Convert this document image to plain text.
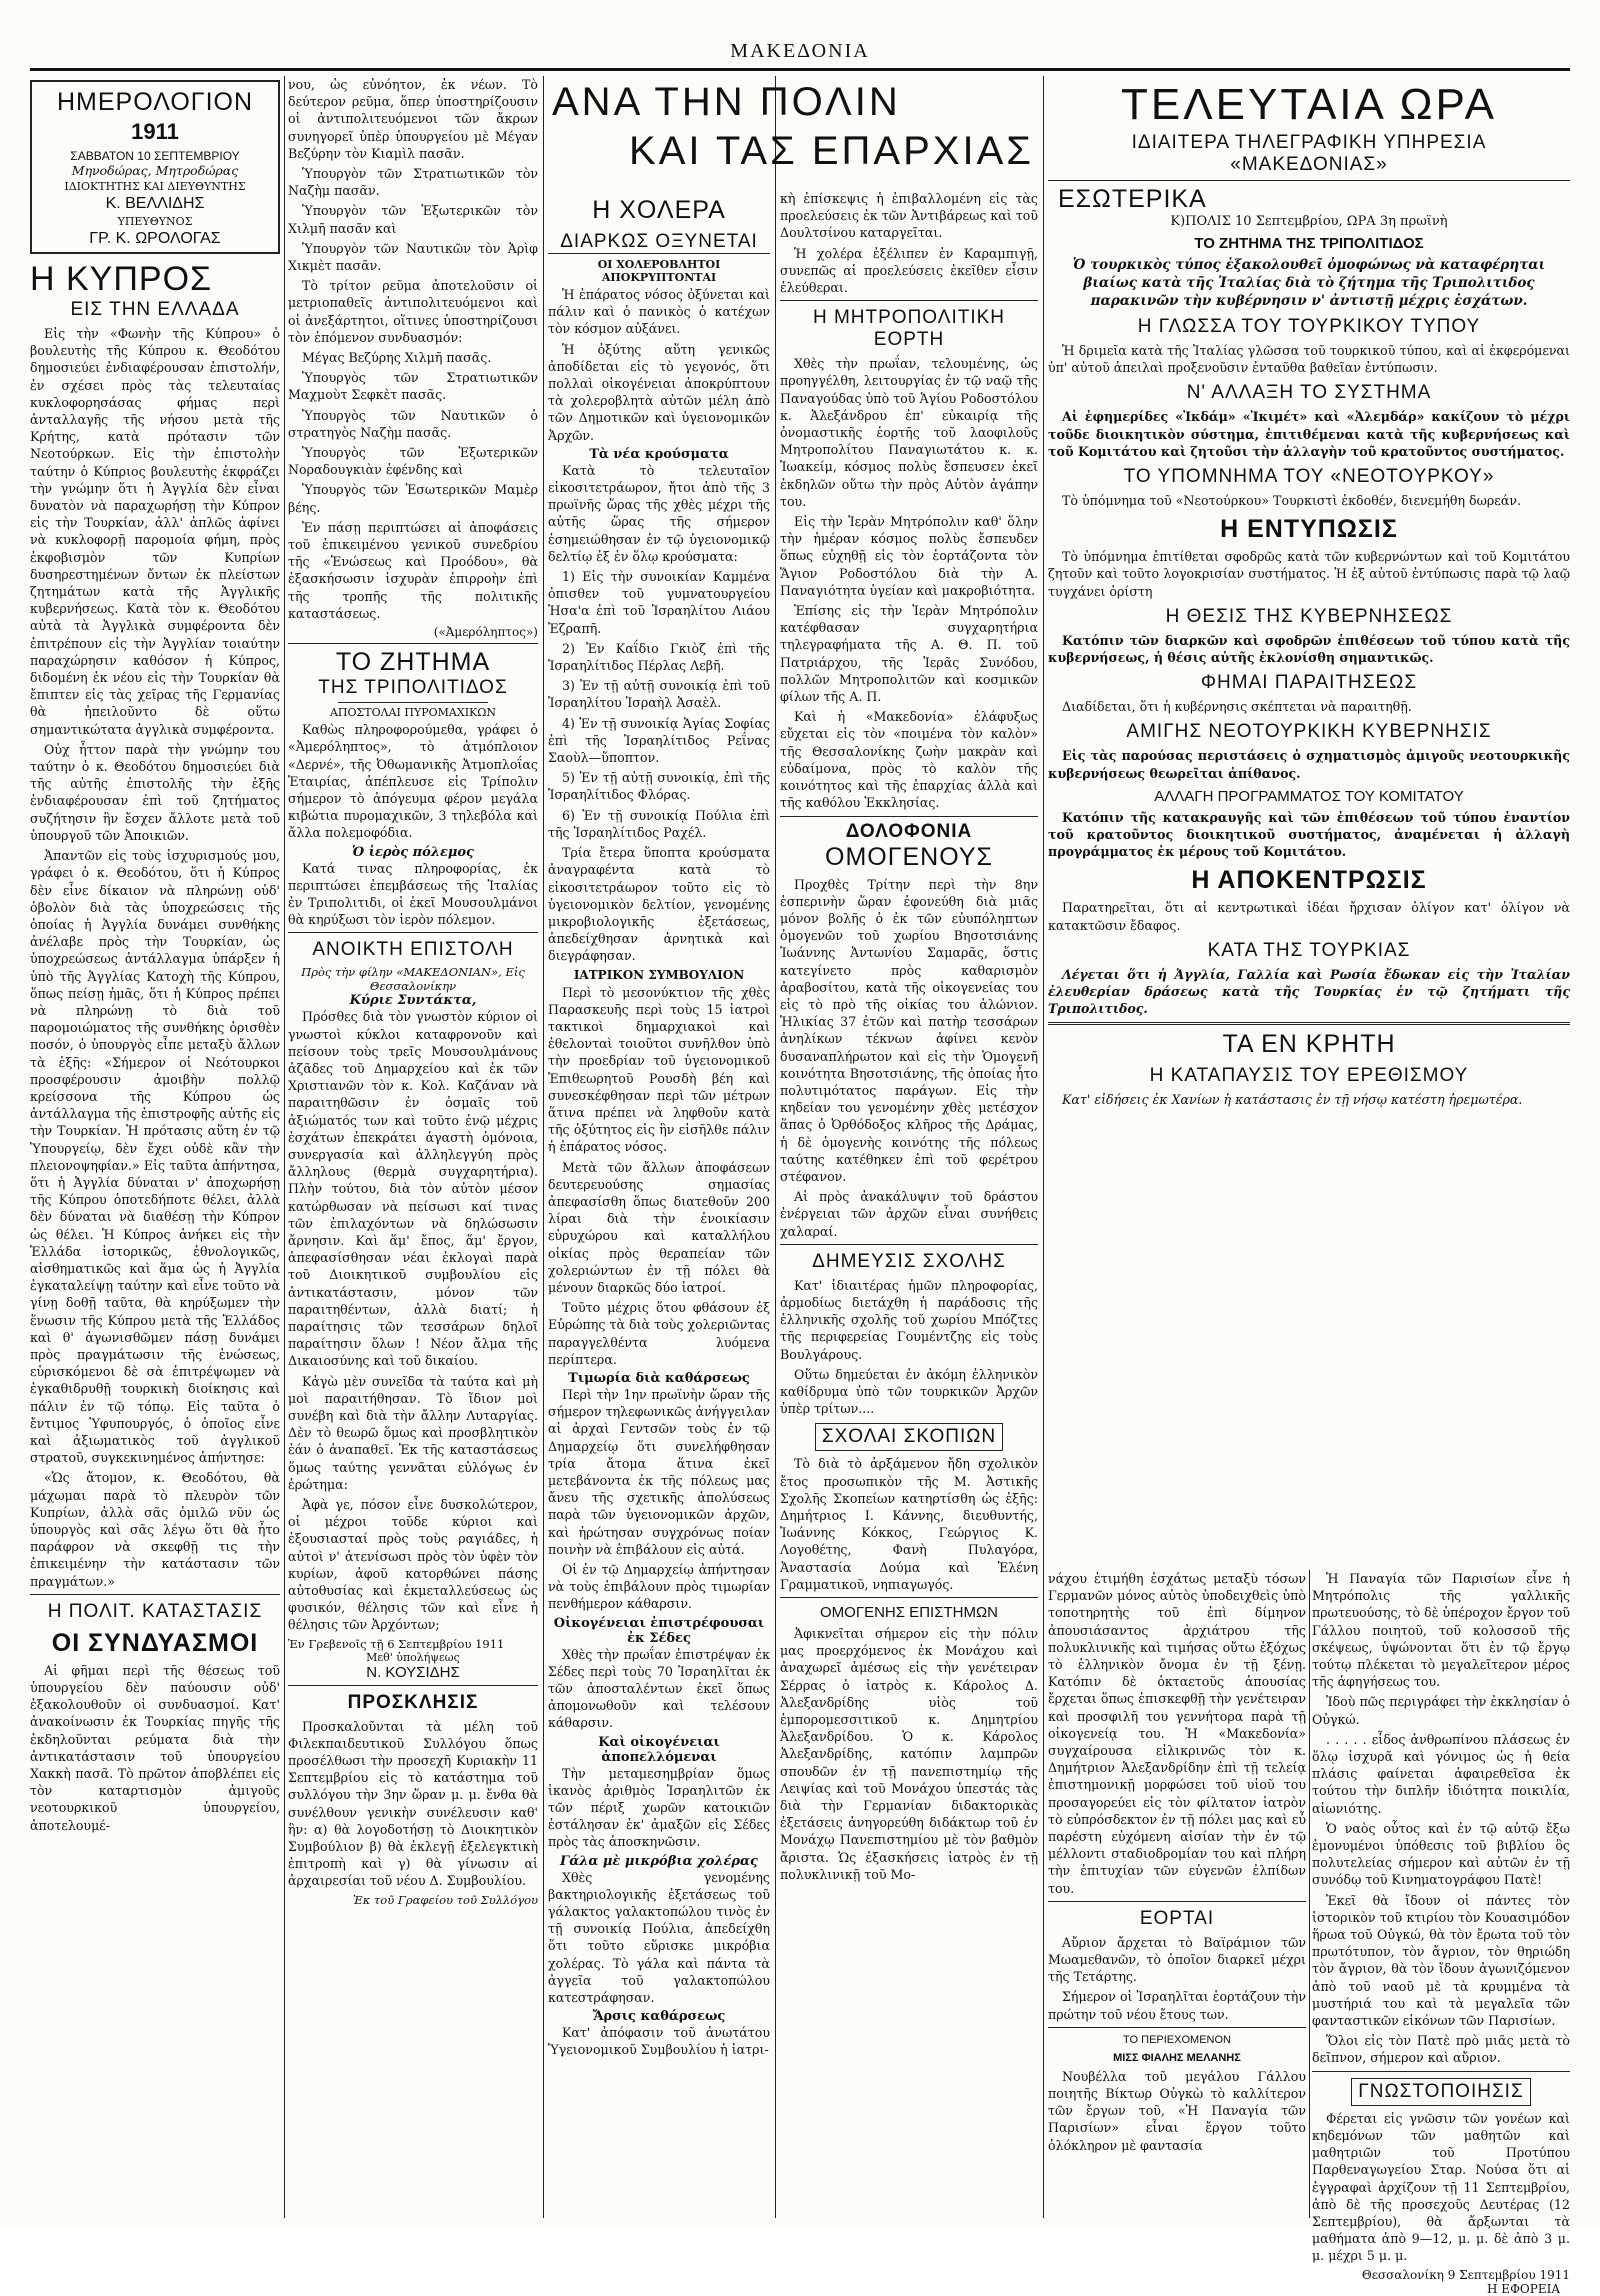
ΜΑΚΕΔΟΝΙΑ
ΗΜΕΡΟΛΟΓΙΟΝ
1911
ΣΑΒΒΑΤΟΝ 10 ΣΕΠΤΕΜΒΡΙΟΥ
Μηνοδώρας, Μητροδώρας
ΙΔΙΟΚΤΗΤΗΣ ΚΑΙ ΔΙΕΥΘΥΝΤΗΣ
Κ. ΒΕΛΛΙΔΗΣ
ΥΠΕΥΘΥΝΟΣ
ΓΡ. Κ. ΩΡΟΛΟΓΑΣ
Η ΚΥΠΡΟΣ
ΕΙΣ ΤΗΝ ΕΛΛΑΔΑ

Εἰς τὴν «Φωνὴν τῆς Κύπρου» ὁ βουλευτὴς τῆς Κύπρου κ. Θεοδότου δημοσιεύει ἐνδιαφέρουσαν ἐπιστολήν, ἐν σχέσει πρὸς τὰς τελευταίας κυκλοφορησάσας φήμας περὶ ἀνταλλαγῆς τῆς νήσου μετὰ τῆς Κρήτης, κατὰ πρότασιν τῶν Νεοτούρκων. Εἰς τὴν ἐπιστολὴν ταύτην ὁ Κύπριος βουλευτὴς ἐκφράζει τὴν γνώμην ὅτι ἡ Ἀγγλία δὲν εἶναι δυνατὸν νὰ παραχωρήσῃ τὴν Κύπρον εἰς τὴν Τουρκίαν, ἀλλ' ἁπλῶς ἀφίνει νὰ κυκλοφορῇ παρομοία φήμη, πρὸς ἐκφοβισμὸν τῶν Κυπρίων δυσηρεστημένων ὄντων ἐκ πλείστων ζητημάτων κατὰ τῆς Ἀγγλικῆς κυβερνήσεως. Κατὰ τὸν κ. Θεοδότου αὐτὰ τὰ Ἀγγλικὰ συμφέροντα δὲν ἐπιτρέπουν εἰς τὴν Ἀγγλίαν τοιαύτην παραχώρησιν καθόσον ἡ Κύπρος, διδομένη ἐκ νέου εἰς τὴν Τουρκίαν θὰ ἔπιπτεν εἰς τὰς χεῖρας τῆς Γερμανίας θὰ ἠπειλοῦντο δὲ οὕτω σημαντικώτατα ἀγγλικὰ συμφέροντα.

Οὐχ ἧττον παρὰ τὴν γνώμην του ταύτην ὁ κ. Θεοδότου δημοσιεύει διὰ τῆς αὐτῆς ἐπιστολῆς τὴν ἐξῆς ἐνδιαφέρουσαν ἐπὶ τοῦ ζητήματος συζήτησιν ἣν ἔσχεν ἄλλοτε μετὰ τοῦ ὑπουργοῦ τῶν Ἀποικιῶν.

Ἀπαντῶν εἰς τοὺς ἰσχυρισμούς μου, γράφει ὁ κ. Θεοδότου, ὅτι ἡ Κύπρος δὲν εἶνε δίκαιον νὰ πληρώνῃ οὐδ' ὀβολὸν διὰ τὰς ὑποχρεώσεις τῆς ὁποίας ἡ Ἀγγλία δυνάμει συνθήκης ἀνέλαβε πρὸς τὴν Τουρκίαν, ὡς ὑποχρεώσεως ἀντάλλαγμα ὑπάρξεν ἡ ὑπὸ τῆς Ἀγγλίας Κατοχὴ τῆς Κύπρου, ὅπως πείσῃ ἡμᾶς, ὅτι ἡ Κύπρος πρέπει νὰ πληρώνῃ τὸ διὰ τοῦ παρομοιώματος τῆς συνθήκης ὁρισθὲν ποσόν, ὁ ὑπουργὸς εἶπε μεταξὺ ἄλλων τὰ ἑξῆς: «Σήμερον οἱ Νεότουρκοι προσφέρουσιν ἀμοιβὴν πολλῷ κρείσσονα τῆς Κύπρου ὡς ἀντάλλαγμα τῆς ἐπιστροφῆς αὐτῆς εἰς τὴν Τουρκίαν. Ἡ πρότασις αὕτη ἐν τῷ Ὑπουργείῳ, δὲν ἔχει οὐδὲ κἂν τὴν πλειονοψηφίαν.» Εἰς ταῦτα ἀπήντησα, ὅτι ἡ Ἀγγλία δύναται ν' ἀποχωρήσῃ τῆς Κύπρου ὁποτεδήποτε θέλει, ἀλλὰ δὲν δύναται νὰ διαθέσῃ τὴν Κύπρον ὡς θέλει. Ἡ Κύπρος ἀνήκει εἰς τὴν Ἑλλάδα ἱστορικῶς, ἐθνολογικῶς, αἰσθηματικῶς καὶ ἅμα ὡς ἡ Ἀγγλία ἐγκαταλείψῃ ταύτην καὶ εἶνε τοῦτο νὰ γίνῃ δοθῇ ταῦτα, θὰ κηρύξωμεν τὴν ἕνωσιν τῆς Κύπρου μετὰ τῆς Ἑλλάδος καὶ θ' ἀγωνισθῶμεν πάσῃ δυνάμει πρὸς πραγμάτωσιν τῆς ἑνώσεως, εὑρισκόμενοι δὲ σὰ ἐπιτρέψωμεν νὰ ἐγκαθιδρυθῇ τουρκικὴ διοίκησις καὶ πάλιν ἐν τῷ τόπῳ. Εἰς ταῦτα ὁ ἔντιμος Ὑφυπουργός, ὁ ὁποῖος εἶνε καὶ ἀξιωματικὸς τοῦ ἀγγλικοῦ στρατοῦ, συγκεκινημένος ἀπήντησε:

«Ὡς ἄτομον, κ. Θεοδότου, θὰ μάχωμαι παρὰ τὸ πλευρὸν τῶν Κυπρίων, ἀλλὰ σᾶς ὁμιλῶ νῦν ὡς ὑπουργὸς καὶ σᾶς λέγω ὅτι θὰ ἦτο παράφρον νὰ σκεφθῇ τις τὴν ἐπικειμένην τὴν κατάστασιν τῶν πραγμάτων.»

Η ΠΟΛΙΤ. ΚΑΤΑΣΤΑΣΙΣ
ΟΙ ΣΥΝΔΥΑΣΜΟΙ

Αἱ φῆμαι περὶ τῆς θέσεως τοῦ ὑπουργείου δὲν παύουσιν οὐδ' ἐξακολουθοῦν οἱ συνδυασμοί. Κατ' ἀνακοίνωσιν ἐκ Τουρκίας πηγῆς τῆς ἐκδηλοῦνται ρεύματα διὰ τὴν ἀντικατάστασιν τοῦ ὑπουργείου Χακκὴ πασᾶ. Τὸ πρῶτον ἀποβλέπει εἰς τὸν καταρτισμὸν ἀμιγοῦς νεοτουρκικοῦ ὑπουργείου, ἀποτελουμέ-

νου, ὡς εὐνόητον, ἐκ νέων. Τὸ δεύτερον ρεῦμα, ὅπερ ὑποστηρίζουσιν οἱ ἀντιπολιτευόμενοι τῶν ἄκρων συνηγορεῖ ὑπὲρ ὑπουργείου μὲ Μέγαν Βεζύρην τὸν Κιαμὶλ πασᾶν.

Ὑπουργὸν τῶν Στρατιωτικῶν τὸν Ναζὴμ πασᾶν.

Ὑπουργὸν τῶν Ἐξωτερικῶν τὸν Χιλμῆ πασᾶν καὶ

Ὑπουργὸν τῶν Ναυτικῶν τὸν Ἀρὶφ Χικμὲτ πασᾶν.

Τὸ τρίτον ρεῦμα ἀποτελοῦσιν οἱ μετριοπαθεῖς ἀντιπολιτευόμενοι καὶ οἱ ἀνεξάρτητοι, οἵτινες ὑποστηρίζουσι τὸν ἑπόμενον συνδυασμόν:

Μέγας Βεζύρης Χιλμῆ πασᾶς.

Ὑπουργὸς τῶν Στρατιωτικῶν Μαχμοὺτ Σεφκὲτ πασᾶς.

Ὑπουργὸς τῶν Ναυτικῶν ὁ στρατηγὸς Ναζὴμ πασᾶς.

Ὑπουργὸς τῶν Ἐξωτερικῶν Νοραδουγκιὰν ἐφένδης καὶ

Ὑπουργὸς τῶν Ἐσωτερικῶν Μαμὲρ βέης.

Ἐν πάσῃ περιπτώσει αἱ ἀποφάσεις τοῦ ἐπικειμένου γενικοῦ συνεδρίου τῆς «Ἑνώσεως καὶ Προόδου», θὰ ἐξασκήσωσιν ἰσχυρὰν ἐπιρροὴν ἐπὶ τῆς τροπῆς τῆς πολιτικῆς καταστάσεως.

(«Ἀμερόληπτος»)
ΤΟ ΖΗΤΗΜΑ
ΤΗΣ ΤΡΙΠΟΛΙΤΙΔΟΣ
ΑΠΟΣΤΟΛΑΙ ΠΥΡΟΜΑΧΙΚΩΝ

Καθὼς πληροφορούμεθα, γράφει ὁ «Ἀμερόληπτος», τὸ ἀτμόπλοιον «Δερνέ», τῆς Ὀθωμανικῆς Ἀτμοπλοΐας Ἑταιρίας, ἀπέπλευσε εἰς Τρίπολιν σήμερον τὸ ἀπόγευμα φέρον μεγάλα κιβώτια πυρομαχικῶν, 3 τηλεβόλα καὶ ἄλλα πολεμοφόδια.

Ὁ ἱερὸς πόλεμος

Κατά τινας πληροφορίας, ἐκ περιπτώσει ἐπεμβάσεως τῆς Ἰταλίας ἐν Τριπολιτιδι, οἱ ἐκεῖ Μουσουλμάνοι θὰ κηρύξωσι τὸν ἱερὸν πόλεμον.

ΑΝΟΙΚΤΗ ΕΠΙΣΤΟΛΗ
Πρὸς τὴν φίλην «ΜΑΚΕΔΟΝΙΑΝ», Εἰς Θεσσαλονίκην
Κύριε Συντάκτα,

Πρόσθες διὰ τὸν γνωστὸν κύριον οἱ γνωστοὶ κύκλοι καταφρονοῦν καὶ πείσουν τοὺς τρεῖς Μουσουλμάνους ἀζᾶδες τοῦ Δημαρχείου καὶ ἐκ τῶν Χριστιανῶν τὸν κ. Κολ. Καζάναν νὰ παραιτηθῶσιν ἐν ὀσμαῖς τοῦ ἀξιώματός των καὶ τοῦτο ἐνῷ μέχρις ἐσχάτων ἐπεκράτει ἀγαστὴ ὁμόνοια, συνεργασία καὶ ἀλληλεγγύη πρὸς ἄλληλους (θερμὰ συγχαρητήρια). Πλὴν τούτου, διὰ τὸν αὐτὸν μέσον κατώρθωσαν νὰ πείσωσι καί τινας τῶν ἐπιλαχόντων νὰ δηλώσωσιν ἄρνησιν. Καὶ ἅμ' ἔπος, ἅμ' ἔργον, ἀπεφασίσθησαν νέαι ἐκλογαὶ παρὰ τοῦ Διοικητικοῦ συμβουλίου εἰς ἀντικατάστασιν, μόνον τῶν παραιτηθέντων, ἀλλὰ διατί; ἡ παραίτησις τῶν τεσσάρων δηλοῖ παραίτησιν ὅλων ! Νέον ἄλμα τῆς Δικαιοσύνης καὶ τοῦ δικαίου.

Κἀγὼ μὲν συνεῖδα τὰ ταύτα καὶ μὴ μοὶ παραιτήθησαν. Τὸ ἴδιον μοὶ συνέβη καὶ διὰ τὴν ἄλλην Λυταργίας. Δὲν τὸ θεωρῶ ὅμως καὶ προσβλητικὸν ἐάν ὁ ἀναπαθεῖ. Ἐκ τῆς καταστάσεως ὅμως ταύτης γεννᾶται εὐλόγως ἐν ἐρώτημα:

Ἀφὰ γε, πόσον εἶνε δυσκολώτερον, οἱ μέχροι τοῦδε κύριοι καὶ ἐξουσιασταί πρὸς τοὺς ραγιάδες, ἡ αὐτοὶ ν' ἀτενίσωσι πρὸς τὸν ὑφὲν τὸν κυρίων, ἀφοῦ κατορθώνει πάσης αὐτοθυσίας καὶ ἐκμεταλλεύσεως ὡς φυσικόν, θέλησις τῶν καὶ εἶνε ἡ θέλησις τῶν Ἀρχόντων;

Ἐν Γρεβενοῖς τῇ 6 Σεπτεμβρίου 1911
Μεθ' ὑπολήψεως
Ν. ΚΟΥΣΙΔΗΣ
ΠΡΟΣΚΛΗΣΙΣ

Προσκαλοῦνται τὰ μέλη τοῦ Φιλεκπαιδευτικοῦ Συλλόγου ὅπως προσέλθωσι τὴν προσεχῆ Κυριακὴν 11 Σεπτεμβρίου εἰς τὸ κατάστημα τοῦ συλλόγου τὴν 3ην ὥραν μ. μ. ἔνθα θὰ συνέλθουν γενικὴν συνέλευσιν καθ' ἣν: α) θὰ λογοδοτήσῃ τὸ Διοικητικὸν Συμβούλιον β) θὰ ἐκλεγῇ ἐξελεγκτικὴ ἐπιτροπὴ καὶ γ) θὰ γίνωσιν αἱ ἀρχαιρεσίαι τοῦ νέου Δ. Συμβουλίου.

Ἐκ τοῦ Γραφείου τοῦ Συλλόγου
ΑΝΑ ΤΗΝ ΠΟΛΙΝ
ΚΑΙ ΤΑΣ ΕΠΑΡΧΙΑΣ
Η ΧΟΛΕΡΑ
ΔΙΑΡΚΩΣ ΟΞΥΝΕΤΑΙ
ΟΙ ΧΟΛΕΡΟΒΛΗΤΟΙ ΑΠΟΚΡΥΠΤΟΝΤΑΙ

Ἡ ἐπάρατος νόσος ὀξύνεται καὶ πάλιν καὶ ὁ πανικὸς ὁ κατέχων τὸν κόσμον αὐξάνει.

Ἡ ὀξύτης αὕτη γενικῶς ἀποδίδεται εἰς τὸ γεγονός, ὅτι πολλαὶ οἰκογένειαι ἀποκρύπτουν τὰ χολεροβλητὰ αὐτῶν μέλη ἀπὸ τῶν Δημοτικῶν καὶ ὑγειονομικῶν Ἀρχῶν.

Τὰ νέα κρούσματα

Κατὰ τὸ τελευταῖον εἰκοσιτετράωρον, ἤτοι ἀπὸ τῆς 3 πρωϊνῆς ὥρας τῆς χθὲς μέχρι τῆς αὐτῆς ὥρας τῆς σήμερον ἐσημειώθησαν ἐν τῷ ὑγειονομικῷ δελτίῳ ἐξ ἐν ὅλῳ κρούσματα:

1) Εἰς τὴν συνοικίαν Καμμένα ὀπισθεν τοῦ γυμνατουργείου Ἠσα'α ἐπὶ τοῦ Ἰσραηλίτου Λιάου Ἐζραπῆ.

2) Ἐν Καΐδιο Γκιὸζ ἐπὶ τῆς Ἰσραηλίτιδος Πέρλας Λεβῆ.

3) Ἐν τῇ αὐτῇ συνοικίᾳ ἐπὶ τοῦ Ἰσραηλίτου Ἰσραὴλ Ἀσαὲλ.

4) Ἐν τῇ συνοικίᾳ Ἁγίας Σοφίας ἐπὶ τῆς Ἰσραηλίτιδος Ρεΐνας Σαοὺλ—ὕποπτον.

5) Ἐν τῇ αὐτῇ συνοικίᾳ, ἐπὶ τῆς Ἰσραηλίτιδος Φλόρας.

6) Ἐν τῇ συνοικίᾳ Πούλια ἐπὶ τῆς Ἰσραηλίτιδος Ραχέλ.

Τρία ἔτερα ὕποπτα κρούσματα ἀναγραφέντα κατὰ τὸ εἰκοσιτετράωρον τοῦτο εἰς τὸ ὑγειονομικὸν δελτίον, γενομένης μικροβιολογικῆς ἐξετάσεως, ἀπεδείχθησαν ἀρνητικὰ καὶ διεγράφησαν.

ΙΑΤΡΙΚΟΝ ΣΥΜΒΟΥΛΙΟΝ

Περὶ τὸ μεσονύκτιον τῆς χθὲς Παρασκευῆς περὶ τοὺς 15 ἰατροὶ τακτικοὶ δημαρχιακοὶ καὶ ἐθελονταὶ τοιοῦτοι συνῆλθον ὑπὸ τὴν προεδρίαν τοῦ ὑγειονομικοῦ Ἐπιθεωρητοῦ Ρουσδὴ βέη καὶ συνεσκέφθησαν περὶ τῶν μέτρων ἅτινα πρέπει νὰ ληφθοῦν κατὰ τῆς ὀξύτητος εἰς ἣν εἰσῆλθε πάλιν ἡ ἐπάρατος νόσος.

Μετὰ τῶν ἄλλων ἀποφάσεων δευτερευούσης σημασίας ἀπεφασίσθη ὅπως διατεθοῦν 200 λίραι διὰ τὴν ἐνοικίασιν εὐρυχώρου καὶ καταλλήλου οἰκίας πρὸς θεραπείαν τῶν χολεριώντων ἐν τῇ πόλει θὰ μένουν διαρκῶς δύο ἰατροί.

Τοῦτο μέχρις ὅτου φθάσουν ἐξ Εὐρώπης τὰ διὰ τοὺς χολεριῶντας παραγγελθέντα λυόμενα περίπτερα.

Τιμωρία διὰ καθάρσεως

Περὶ τὴν 1ην πρωϊνὴν ὥραν τῆς σήμερον τηλεφωνικῶς ἀνήγγειλαν αἱ ἀρχαὶ Γεντσῶν τοὺς ἐν τῷ Δημαρχείῳ ὅτι συνελήφθησαν τρία ἄτομα ἅτινα ἐκεῖ μετεβάνοντα ἐκ τῆς πόλεως μας ἄνευ τῆς σχετικῆς ἀπολύσεως παρὰ τῶν ὑγειονομικῶν ἀρχῶν, καὶ ἠρώτησαν συγχρόνως ποίαν ποινὴν νὰ ἐπιβάλουν εἰς αὐτά.

Οἱ ἐν τῷ Δημαρχείῳ ἀπήντησαν νὰ τοὺς ἐπιβάλουν πρὸς τιμωρίαν πενθήμερον κάθαρσιν.

Οἰκογένειαι ἐπιστρέφουσαι ἐκ Σέδες

Χθὲς τὴν πρωΐαν ἐπιστρέψαν ἐκ Σέδες περὶ τοὺς 70 Ἰσραηλῖται ἐκ τῶν ἀποσταλέντων ἐκεῖ ὅπως ἀπομονωθοῦν καὶ τελέσουν κάθαρσιν.

Καὶ οἰκογένειαι ἀποπελλόμεναι

Τὴν μεταμεσημβρίαν ὅμως ἱκανὸς ἀριθμὸς Ἰσραηλιτῶν ἐκ τῶν πέριξ χωρῶν κατοικιῶν ἐστάλησαν ἐκ' ἀμαξῶν εἰς Σέδες πρὸς τὰς ἀποσκηνῶσιν.

Γάλα μὲ μικρόβια χολέρας

Χθὲς γενομένης βακτηριολογικῆς ἐξετάσεως τοῦ γάλακτος γαλακτοπώλου τινὸς ἐν τῇ συνοικίᾳ Πούλια, ἀπεδείχθη ὅτι τοῦτο εὕρισκε μικρόβια χολέρας. Τὸ γάλα καὶ πάντα τὰ ἀγγεῖα τοῦ γαλακτοπώλου κατεστράφησαν.

Ἄρσις καθάρσεως

Κατ' ἀπόφασιν τοῦ ἀνωτάτου Ὑγειονομικοῦ Συμβουλίου ἡ ἰατρι-

κὴ ἐπίσκεψις ἡ ἐπιβαλλομένη εἰς τὰς προελεύσεις ἐκ τῶν Ἀντιβάρεως καὶ τοῦ Δουλτσίνου καταργεῖται.

Ἡ χολέρα ἐξέλιπεν ἐν Καραμπιγῇ, συνεπῶς αἱ προελεύσεις ἐκεῖθεν εἶσιν ἐλεύθεραι.

Η ΜΗΤΡΟΠΟΛΙΤΙΚΗ ΕΟΡΤΗ

Χθὲς τὴν πρωΐαν, τελουμένης, ὡς προηγγέλθη, λειτουργίας ἐν τῷ ναῷ τῆς Παναγούδας ὑπὸ τοῦ Ἁγίου Ροδοστόλου κ. Ἀλεξάνδρου ἐπ' εὐκαιρίᾳ τῆς ὀνομαστικῆς ἑορτῆς τοῦ λαοφιλοῦς Μητροπολίτου Παναγιωτάτου κ. κ. Ἰωακείμ, κόσμος πολὺς ἔσπευσεν ἐκεῖ ἐκδηλῶν οὕτω τὴν πρὸς Αὐτὸν ἀγάπην του.

Εἰς τὴν Ἱερὰν Μητρόπολιν καθ' ὅλην τὴν ἡμέραν κόσμος πολὺς ἔσπευδεν ὅπως εὐχηθῇ εἰς τὸν ἑορτάζοντα τὸν Ἅγιον Ροδοστόλου διὰ τὴν Α. Παναγιότητα ὑγείαν καὶ μακροβιότητα.

Ἐπίσης εἰς τὴν Ἱερὰν Μητρόπολιν κατέφθασαν συγχαρητήρια τηλεγραφήματα τῆς Α. Θ. Π. τοῦ Πατριάρχου, τῆς Ἱερᾶς Συνόδου, πολλῶν Μητροπολιτῶν καὶ κοσμικῶν φίλων τῆς Α. Π.

Καὶ ἡ «Μακεδονία» ἐλάφυξως εὔχεται εἰς τὸν «ποιμένα τὸν καλὸν» τῆς Θεσσαλονίκης ζωὴν μακρὰν καὶ εὐδαίμονα, πρὸς τὸ καλὸν τῆς κοινότητος καὶ τῆς ἐπαρχίας ἀλλὰ καὶ τῆς καθόλου Ἐκκλησίας.

ΔΟΛΟΦΟΝΙΑ
ΟΜΟΓΕΝΟΥΣ

Προχθὲς Τρίτην περὶ τὴν 8ην ἑσπερινὴν ὥραν ἐφονεύθη διὰ μιᾶς μόνον βολῆς ὁ ἐκ τῶν εὐυπόληπτων ὁμογενῶν τοῦ χωρίου Βησοτσιάνης Ἰωάννης Ἀντωνίου Σαμαρᾶς, ὅστις κατεγίνετο πρὸς καθαρισμὸν ἀραβοσίτου, κατὰ τῆς οἰκογενείας του εἰς τὸ πρὸ τῆς οἰκίας του ἀλώνιον. Ἡλικίας 37 ἐτῶν καὶ πατὴρ τεσσάρων ἀνηλίκων τέκνων ἀφίνει κενὸν δυσαναπλήρωτον καὶ εἰς τὴν Ὁμογενῆ κοινότητα Βησοτσιάνης, τῆς ὁποίας ἦτο πολυτιμότατος παράγων. Εἰς τὴν κηδείαν του γενομένην χθὲς μετέσχον ἅπας ὁ Ὀρθόδοξος κλῆρος τῆς Δράμας, ἡ δὲ ὁμογενὴς κοινότης τῆς πόλεως ταύτης κατέθηκεν ἐπὶ τοῦ φερέτρου στέφανον.

Αἱ πρὸς ἀνακάλυψιν τοῦ δράστου ἐνέργειαι τῶν ἀρχῶν εἶναι συνήθεις χαλαραί.

ΔΗΜΕΥΣΙΣ ΣΧΟΛΗΣ

Κατ' ἰδιαιτέρας ἡμῶν πληροφορίας, ἀρμοδίως διετάχθη ἡ παράδοσις τῆς ἑλληνικῆς σχολῆς τοῦ χωρίου Μπόζτες τῆς περιφερείας Γουμέντζης εἰς τοὺς Βουλγάρους.

Οὕτω δημεύεται ἐν ἀκόμη ἑλληνικὸν καθίδρυμα ὑπὸ τῶν τουρκικῶν Ἀρχῶν ὑπὲρ τρίτων....

ΣΧΟΛΑΙ ΣΚΟΠΙΩΝ

Τὸ διὰ τὸ ἀρξάμενον ἤδη σχολικὸν ἔτος προσωπικὸν τῆς Μ. Ἀστικῆς Σχολῆς Σκοπείων κατηρτίσθη ὡς ἑξῆς: Δημήτριος Ι. Κάννης, διευθυντής, Ἰωάννης Κόκκος, Γεώργιος Κ. Λογοθέτης, Φανὴ Πυλαγόρα, Ἀναστασία Δούμα καὶ Ἑλένη Γραμματικοῦ, νηπιαγωγός.

ΟΜΟΓΕΝΗΣ ΕΠΙΣΤΗΜΩΝ

Ἀφικνεῖται σήμερον εἰς τὴν πόλιν μας προερχόμενος ἐκ Μονάχου καὶ ἀναχωρεῖ ἀμέσως εἰς τὴν γενέτειραν Σέρρας ὁ ἰατρὸς κ. Κάρολος Δ. Ἀλεξανδρίδης υἱὸς τοῦ ἐμπορομεσσιτικοῦ κ. Δημητρίου Ἀλεξανδρίδου. Ὁ κ. Κάρολος Ἀλεξανδρίδης, κατόπιν λαμπρῶν σπουδῶν ἐν τῇ πανεπιστημίῳ τῆς Λειψίας καὶ τοῦ Μονάχου ὑπεστάς τὰς διὰ τὴν Γερμανίαν διδακτορικὰς ἐξετάσεις ἀνηγορεύθη διδάκτωρ τοῦ ἐν Μονάχῳ Πανεπιστημίου μὲ τὸν βαθμὸν ἄριστα. Ὡς ἐξασκήσεις ἰατρὸς ἐν τῇ πολυκλινικῇ τοῦ Μο-

ΤΕΛΕΥΤΑΙΑ ΩΡΑ
ΙΔΙΑΙΤΕΡΑ ΤΗΛΕΓΡΑΦΙΚΗ ΥΠΗΡΕΣΙΑ
«ΜΑΚΕΔΟΝΙΑΣ»
ΕΣΩΤΕΡΙΚΑ
Κ)ΠΟΛΙΣ 10 Σεπτεμβρίου, ΩΡΑ 3η πρωϊνὴ
ΤΟ ΖΗΤΗΜΑ ΤΗΣ ΤΡΙΠΟΛΙΤΙΔΟΣ
Ὁ τουρκικὸς τύπος ἐξακολουθεῖ ὁμοφώνως νὰ καταφέρηται βιαίως κατὰ τῆς Ἰταλίας διὰ τὸ ζήτημα τῆς Τριπολιτιδος παρακινῶν τὴν κυβέρνησιν ν' ἀντιστῇ μέχρις ἐσχάτων.
Η ΓΛΩΣΣΑ ΤΟΥ ΤΟΥΡΚΙΚΟΥ ΤΥΠΟΥ

Ἡ δριμεῖα κατὰ τῆς Ἰταλίας γλῶσσα τοῦ τουρκικοῦ τύπου, καὶ αἱ ἐκφερόμεναι ὑπ' αὐτοῦ ἀπειλαὶ προξενοῦσιν ἐνταῦθα βαθεῖαν ἐντύπωσιν.

Ν' ΑΛΛΑΞΗ ΤΟ ΣΥΣΤΗΜΑ

Αἱ ἐφημερίδες «Ἰκδάμ» «Ἰκιμέτ» καὶ «Ἀλεμδάρ» κακίζουν τὸ μέχρι τοῦδε διοικητικὸν σύστημα, ἐπιτιθέμεναι κατὰ τῆς κυβερνήσεως καὶ τοῦ Κομιτάτου καὶ ζητοῦσι τὴν ἀλλαγὴν τοῦ κρατοῦντος συστήματος.

ΤΟ ΥΠΟΜΝΗΜΑ ΤΟΥ «ΝΕΟΤΟΥΡΚΟΥ»

Τὸ ὑπόμνημα τοῦ «Νεοτούρκου» Τουρκιστὶ ἐκδοθέν, διενεμήθη δωρεάν.

Η ΕΝΤΥΠΩΣΙΣ

Τὸ ὑπόμνημα ἐπιτίθεται σφοδρῶς κατὰ τῶν κυβερνώντων καὶ τοῦ Κομιτάτου ζητοῦν καὶ τοῦτο λογοκρισίαν συστήματος. Ἡ ἐξ αὐτοῦ ἐντύπωσις παρὰ τῷ λαῷ τυγχάνει ὀρίστη

Η ΘΕΣΙΣ ΤΗΣ ΚΥΒΕΡΝΗΣΕΩΣ

Κατόπιν τῶν διαρκῶν καὶ σφοδρῶν ἐπιθέσεων τοῦ τύπου κατὰ τῆς κυβερνήσεως, ἡ θέσις αὐτῆς ἐκλονίσθη σημαντικῶς.

ΦΗΜΑΙ ΠΑΡΑΙΤΗΣΕΩΣ

Διαδίδεται, ὅτι ἡ κυβέρνησις σκέπτεται νὰ παραιτηθῇ.

ΑΜΙΓΗΣ ΝΕΟΤΟΥΡΚΙΚΗ ΚΥΒΕΡΝΗΣΙΣ

Εἰς τὰς παρούσας περιστάσεις ὁ σχηματισμὸς ἀμιγοῦς νεοτουρκικῆς κυβερνήσεως θεωρεῖται ἀπίθανος.

ΑΛΛΑΓΗ ΠΡΟΓΡΑΜΜΑΤΟΣ ΤΟΥ ΚΟΜΙΤΑΤΟΥ

Κατόπιν τῆς κατακραυγῆς καὶ τῶν ἐπιθέσεων τοῦ τύπου ἐναντίον τοῦ κρατοῦντος διοικητικοῦ συστήματος, ἀναμένεται ἡ ἀλλαγὴ προγράμματος ἐκ μέρους τοῦ Κομιτάτου.

Η ΑΠΟΚΕΝΤΡΩΣΙΣ

Παρατηρεῖται, ὅτι αἱ κεντρωτικαὶ ἰδέαι ἤρχισαν ὀλίγον κατ' ὀλίγον νὰ κατακτῶσιν ἔδαφος.

ΚΑΤΑ ΤΗΣ ΤΟΥΡΚΙΑΣ

Λέγεται ὅτι ἡ Ἀγγλία, Γαλλία καὶ Ρωσία ἔδωκαν εἰς τὴν Ἰταλίαν ἐλευθερίαν δράσεως κατὰ τῆς Τουρκίας ἐν τῷ ζητήματι τῆς Τριπολιτιδος.

ΤΑ ΕΝ ΚΡΗΤΗ
Η ΚΑΤΑΠΑΥΣΙΣ ΤΟΥ ΕΡΕΘΙΣΜΟΥ

Κατ' εἰδήσεις ἐκ Χανίων ἡ κατάστασις ἐν τῇ νήσῳ κατέστη ἠρεμωτέρα.

νάχου ἐτιμήθη ἐσχάτως μεταξὺ τόσων Γερμανῶν μόνος αὐτὸς ὑποδειχθεὶς ὑπὸ τοποτηρητὴς τοῦ ἐπὶ δίμηνον ἀπουσιάσαντος ἀρχιάτρου τῆς πολυκλινικῆς καὶ τιμήσας οὕτω ἐξόχως τὸ ἑλληνικὸν ὄνομα ἐν τῇ ξένῃ. Κατόπιν δὲ ὀκταετοῦς ἀπουσίας ἔρχεται ὅπως ἐπισκεφθῇ τὴν γενέτειραν καὶ προσφιλῆ του γεννήτορα παρὰ τῇ οἰκογενείᾳ του. Ἡ «Μακεδονία» συγχαίρουσα εἰλικρινῶς τὸν κ. Δημήτριον Ἀλεξανδρίδην ἐπὶ τῇ τελείᾳ ἐπιστημονικῇ μορφώσει τοῦ υἱοῦ του προσαγορεύει εἰς τὸν φίλτατον ἰατρὸν τὸ εὐπρόσδεκτον ἐν τῇ πόλει μας καὶ εὖ παρέστη εὐχόμενη αἰσίαν τὴν ἐν τῷ μέλλοντι σταδιοδρομίαν του καὶ πλήρη τὴν ἐπιτυχίαν τῶν εὐγενῶν ἐλπίδων του.

ΕΟΡΤΑΙ

Αὔριον ἄρχεται τὸ Βαϊράμιον τῶν Μωαμεθανῶν, τὸ ὁποῖον διαρκεῖ μέχρι τῆς Τετάρτης.

Σήμερον οἱ Ἰσραηλῖται ἑορτάζουν τὴν πρώτην τοῦ νέου ἔτους των.

ΤΟ ΠΕΡΙΕΧΟΜΕΝΟΝ
ΜΙΣΣ ΦΙΑΛΗΣ ΜΕΛΑΝΗΣ

Νουβέλλα τοῦ μεγάλου Γάλλου ποιητῆς Βίκτωρ Οὐγκὼ τὸ καλλίτερον τῶν ἔργων τοῦ, «Ἡ Παναγία τῶν Παρισίων» εἶναι ἔργον τοῦτο ὀλόκληρον μὲ φαντασία

Ἡ Παναγία τῶν Παρισίων εἶνε ἡ Μητρόπολις τῆς γαλλικῆς πρωτευούσης, τὸ δὲ ὑπέροχον ἔργον τοῦ Γάλλου ποιητοῦ, τοῦ κολοσσοῦ τῆς σκέψεως, ὑψώνονται ὅτι ἐν τῷ ἔργῳ τούτῳ πλέκεται τὸ μεγαλεῖτερον μέρος τῆς ἀφηγήσεως του.

Ἰδοὺ πῶς περιγράφει τὴν ἐκκλησίαν ὁ Οὐγκώ.

. . . . . εἶδος ἀνθρωπίνου πλάσεως ἐν ὅλῳ ἰσχυρᾶ καὶ γόνιμος ὡς ἡ θεία πλάσις φαίνεται ἀφαιρεθεῖσα ἐκ τούτου τὴν διπλῆν ἰδιότητα ποικιλία, αἰωνιότης.

Ὁ ναὸς οὗτος καὶ ἐν τῷ αὐτῷ ἔξω ἐμονυμένοι ὑπόθεσις τοῦ βιβλίου ὃς πολυτελείας σήμερον καὶ αὐτῶν ἐν τῇ συνόδῳ τοῦ Κινηματογράφου Πατὲ!

Ἐκεῖ θὰ ἴδουν οἱ πάντες τὸν ἱστορικὸν τοῦ κτιρίου τὸν Κουασιμόδον ἥρωα τοῦ Οὐγκώ, θὰ τὸν ἔρωτα τοῦ τὸν πρωτότυπον, τὸν ἄγριον, τὸν θηριώδη τὸν ἄγριον, θὰ τὸν ἴδουν ἀγωνιζόμενον ἀπὸ τοῦ ναοῦ μὲ τὰ κρυμμένα τὰ μυστήριά του καὶ τὰ μεγαλεῖα τῶν φανταστικῶν εἰκόνων τῶν Παρισίων.

Ὅλοι εἰς τὸν Πατὲ πρὸ μιᾶς μετὰ τὸ δεῖπνον, σήμερον καὶ αὔριον.

ΓΝΩΣΤΟΠΟΙΗΣΙΣ

Φέρεται εἰς γνῶσιν τῶν γονέων καὶ κηδεμόνων τῶν μαθητῶν καὶ μαθητριῶν τοῦ Προτύπου Παρθεναγωγείου Σταρ. Νούσα ὅτι αἱ ἐγγραφαὶ ἀρχίζουν τῇ 11 Σεπτεμβρίου, ἀπὸ δὲ τῆς προσεχοῦς Δευτέρας (12 Σεπτεμβρίου), θὰ ἄρξωνται τὰ μαθήματα ἀπὸ 9—12, μ. μ. δὲ ἀπὸ 3 μ. μ. μέχρι 5 μ. μ.

Θεσσαλονίκη 9 Σεπτεμβρίου 1911
Η ΕΦΟΡΕΙΑ
